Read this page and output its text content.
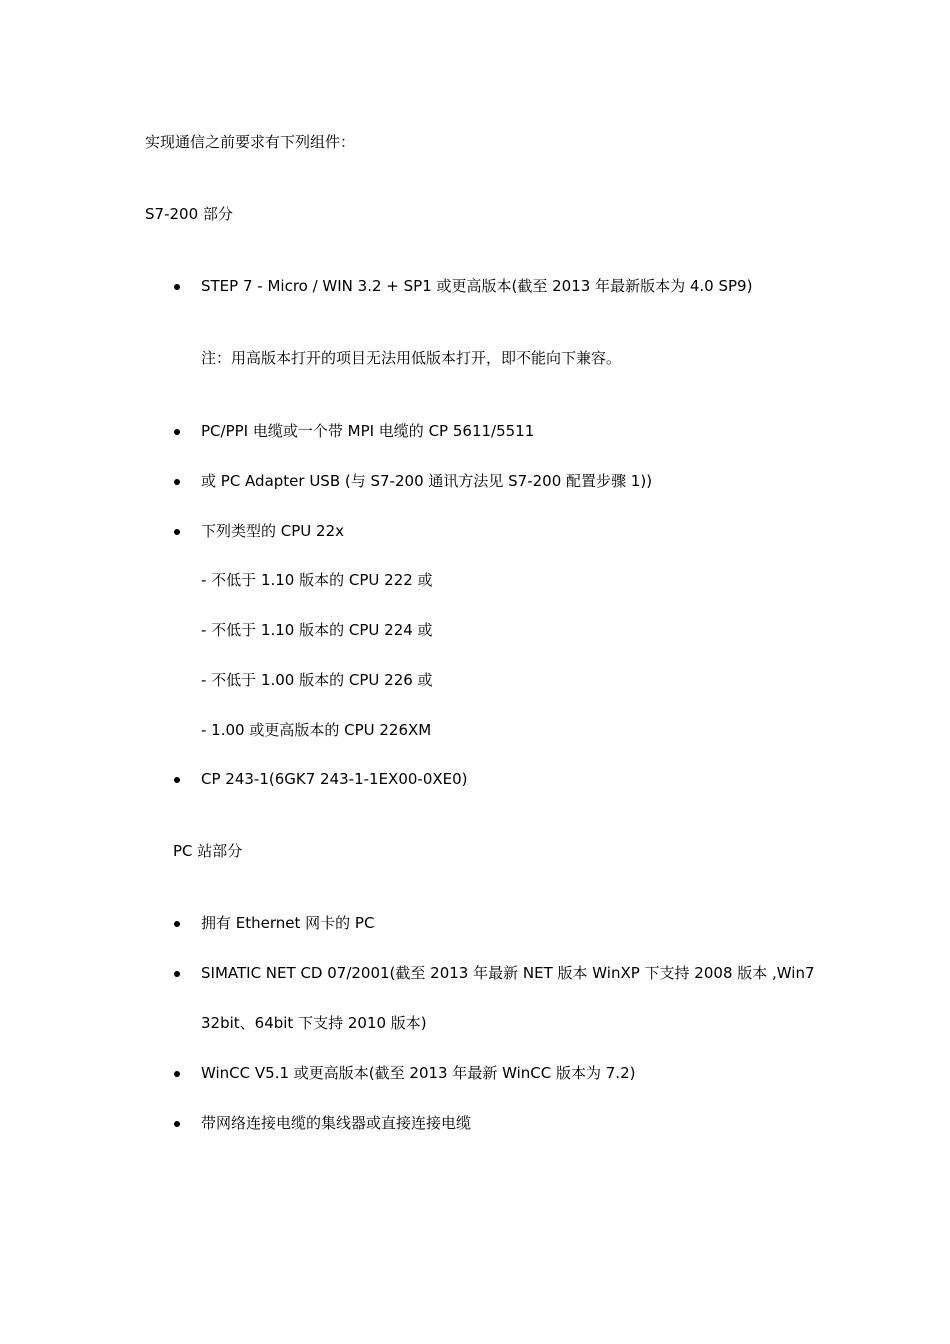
实现通信之前要求有下列组件：
S7-200 部分
STEP 7 - Micro / WIN 3.2 + SP1 或更高版本(截至 2013 年最新版本为 4.0 SP9)
注：用高版本打开的项目无法用低版本打开，即不能向下兼容。
PC/PPI 电缆或一个带 MPI 电缆的 CP 5611/5511
或 PC Adapter USB (与 S7-200 通讯方法见 S7-200 配置步骤 1))
下列类型的 CPU 22x
- 不低于 1.10 版本的 CPU 222 或
- 不低于 1.10 版本的 CPU 224 或
- 不低于 1.00 版本的 CPU 226 或
- 1.00 或更高版本的 CPU 226XM
CP 243-1(6GK7 243-1-1EX00-0XE0)
PC 站部分
拥有 Ethernet 网卡的 PC
SIMATIC NET CD 07/2001(截至 2013 年最新 NET 版本 WinXP 下支持 2008 版本 ,Win7
32bit、64bit 下支持 2010 版本)
WinCC V5.1 或更高版本(截至 2013 年最新 WinCC 版本为 7.2)
带网络连接电缆的集线器或直接连接电缆
